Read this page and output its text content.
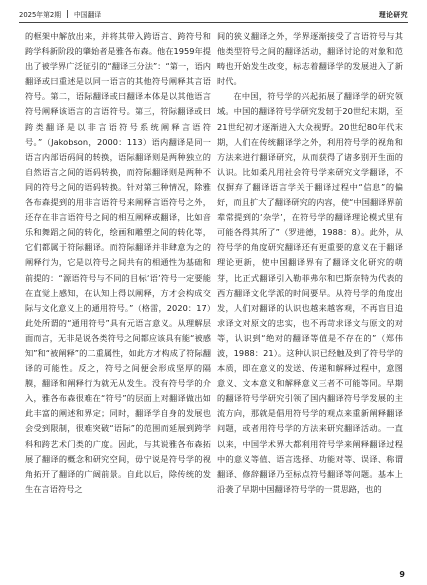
2025年第2期 中国翻译	理论研究

的框架中解放出来，并将其带入跨语言、跨符号和跨学科新阶段的肇始者是雅各布森。他在1959年提出了被学界广泛征引的“翻译三分法”：“第一，语内翻译或曰重述是以同一语言的其他符号阐释其言语符号。第二，语际翻译或曰翻译本体是以其他语言符号阐释该语言的言语符号。第三，符际翻译或曰跨类翻译是以非言语符号系统阐释言语符号。”（Jakobson，2000：113）语内翻译是同一语言内部语码间的转换，语际翻译则是两种独立的自然语言之间的语码转换，而符际翻译则是两种不同的符号之间的语码转换。针对第三种情况，除雅各布森提到的用非言语符号来阐释言语符号之外，还存在非言语符号之间的相互阐释或翻译，比如音乐和舞蹈之间的转化，绘画和雕塑之间的转化等，它们都属于符际翻译。而符际翻译并非肆意为之的阐释行为，它是以符号之间共有的相通性为基础和前提的：“源语符号与不同的目标‘语’符号一定要能在直觉上感知，在认知上得以阐释，方才会构成交际与文化意义上的通用符号。”（格雷，2020：17）此处所谓的“通用符号”具有元语言意义。从理解层面而言，无非是说各类符号之间都应该具有能“被感知”和“被阐释”的二重属性，如此方才构成了符际翻译的可能性。反之，符号之间便会形成坚厚的隔膜，翻译和阐释行为就无从发生。没有符号学的介入，雅各布森很难在“符号”的层面上对翻译做出如此丰富的阐述和界定；同时，翻译学自身的发展也会受到限制，很难突破“语际”的范围而延展到跨学科和跨艺术门类的广度。因此，与其说雅各布森拓展了翻译的概念和研究空间，毋宁说是符号学的视角拓开了翻译的广阔前景。自此以后，除传统的发生在言语符号之

间的狭义翻译之外，学界逐渐接受了言语符号与其他类型符号之间的翻译活动，翻译讨论的对象和范畴也开始发生改变，标志着翻译学的发展进入了新时代。

在中国，符号学的兴起拓展了翻译学的研究领域。中国的翻译符号学研究发轫于20世纪末期，至21世纪初才逐渐进入大众视野。20世纪80年代末期，人们在传统翻译学之外，利用符号学的视角和方法来进行翻译研究，从而获得了诸多别开生面的认识。比如柔凡用社会符号学来研究文学翻译，不仅摒弃了翻译语言学关于翻译过程中“信息”的偏好，而且扩大了翻译研究的内容，使“中国翻译界前辈常提到的‘杂学’，在符号学的翻译理论模式里有可能各得其所了”（罗进德，1988：8）。此外，从符号学的角度研究翻译还有更重要的意义在于翻译理论更新，使中国翻译界有了翻译文化研究的萌芽，比正式翻译引入勒菲弗尔和巴斯奈特为代表的西方翻译文化学派的时间要早。从符号学的角度出发，人们对翻译的认识也越来越客观，不再盲目追求译文对原文的忠实，也不再苛求译文与原文的对等，认识到“绝对的翻译等值是不存在的”（郑伟波，1988：21）。这种认识已经触及到了符号学的本质，即在意义的发送、传递和解释过程中，意图意义、文本意义和解释意义三者不可能等同。早期的翻译符号学研究引领了国内翻译符号学发展的主流方向，那就是倡用符号学的观点来重新阐释翻译问题，或者用符号学的方法来研究翻译活动。一直以来，中国学术界大都利用符号学来阐释翻译过程中的意义等值、语言选择、功能对等、误译、称谓翻译、修辞翻译乃至标点符号翻译等问题。基本上沿袭了早期中国翻译符号学的一贯思路，也的

9
